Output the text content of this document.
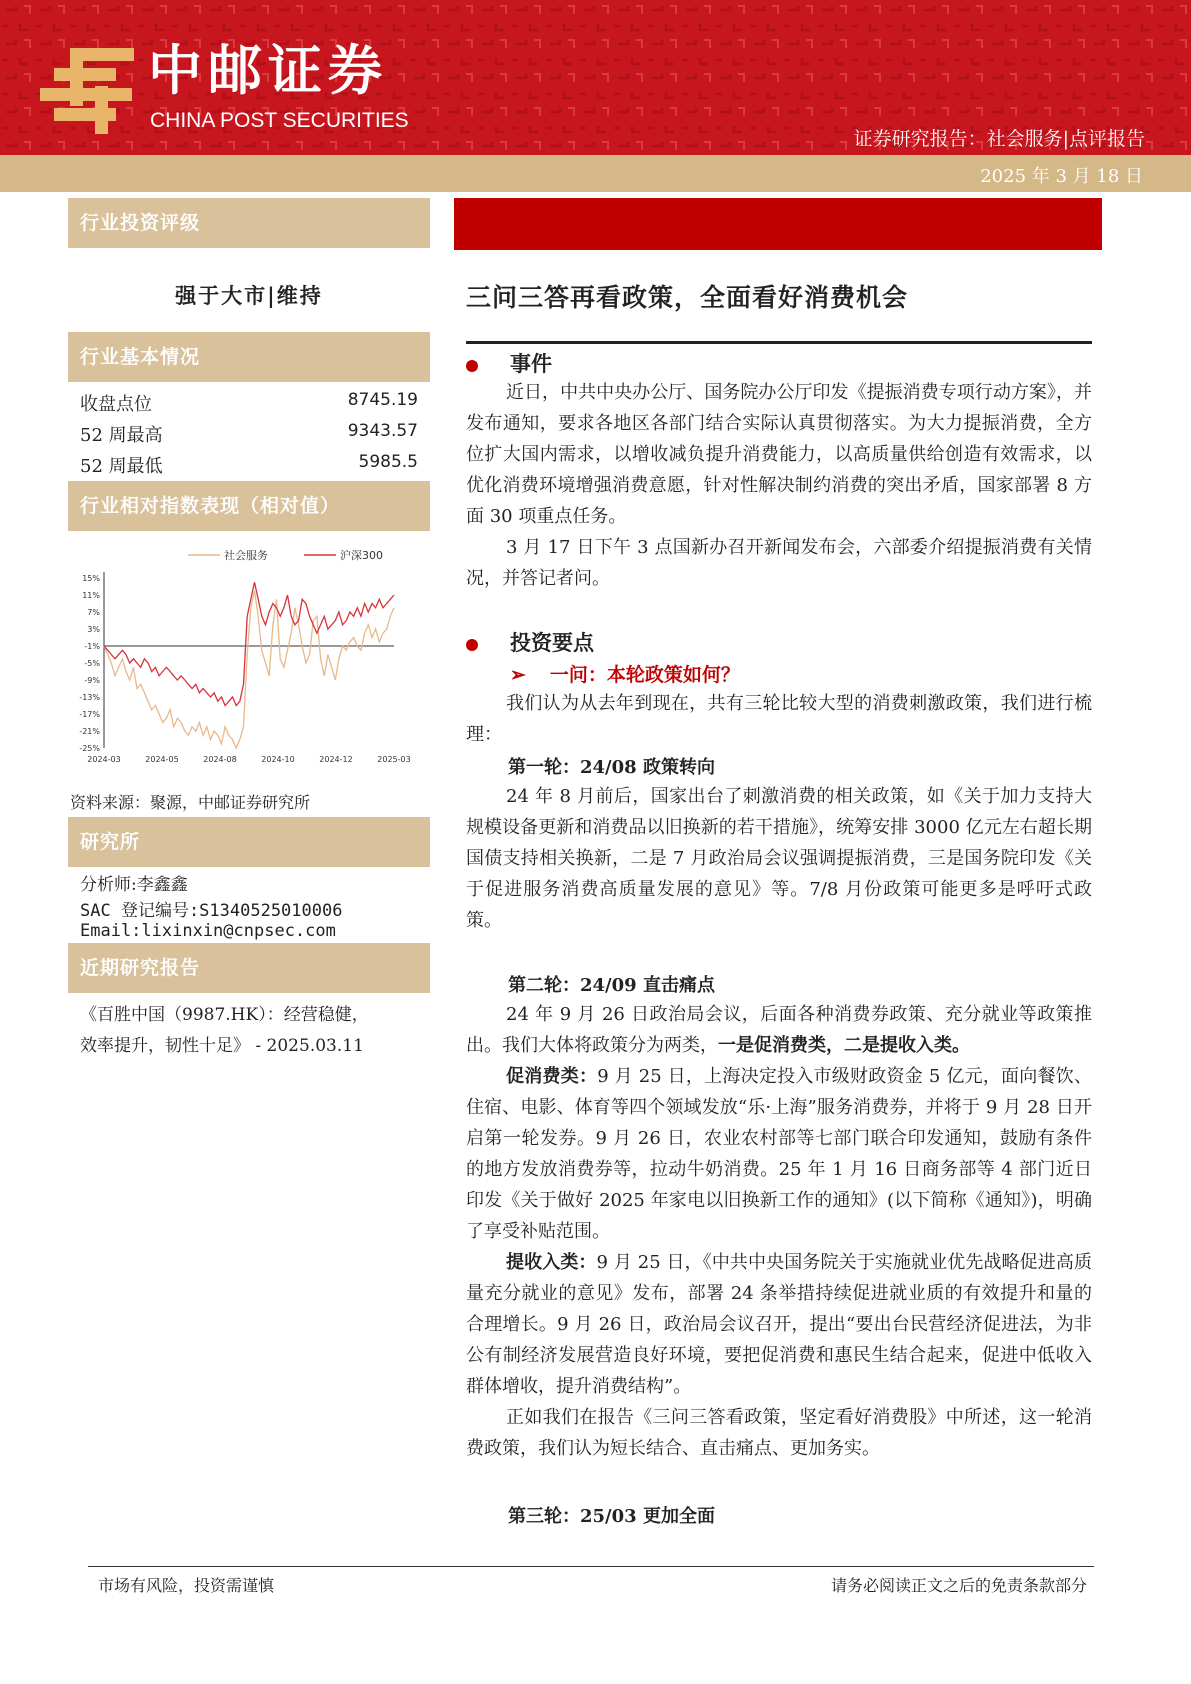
中邮证券
CHINA POST SECURITIES
证券研究报告：社会服务|点评报告
2025 年 3 月 18 日
行业投资评级
强于大市|维持
行业基本情况
收盘点位	8745.19
52 周最高	9343.57
52 周最低	5985.5
行业相对指数表现（相对值）
社会服务	沪深300
15%
11%
7%
3%
-1%
-5%
-9%
-13%
-17%
-21%
-25%
2024-03	2024-05	2024-08	2024-10	2024-12	2025-03
资料来源：聚源，中邮证券研究所
研究所
分析师:李鑫鑫
SAC 登记编号:S1340525010006
Email:lixinxin@cnpsec.com
近期研究报告
《百胜中国（9987.HK）：经营稳健，
效率提升，韧性十足》 - 2025.03.11
三问三答再看政策，全面看好消费机会
事件
近日，中共中央办公厅、国务院办公厅印发《提振消费专项行动方案》，并发布通知，要求各地区各部门结合实际认真贯彻落实。为大力提振消费，全方位扩大国内需求，以增收减负提升消费能力，以高质量供给创造有效需求，以优化消费环境增强消费意愿，针对性解决制约消费的突出矛盾，国家部署 8 方面 30 项重点任务。
3 月 17 日下午 3 点国新办召开新闻发布会，六部委介绍提振消费有关情况，并答记者问。
投资要点
➢ 一问：本轮政策如何？
我们认为从去年到现在，共有三轮比较大型的消费刺激政策，我们进行梳理：
第一轮：24/08 政策转向
24 年 8 月前后，国家出台了刺激消费的相关政策，如《关于加力支持大规模设备更新和消费品以旧换新的若干措施》，统筹安排 3000 亿元左右超长期国债支持相关换新，二是 7 月政治局会议强调提振消费，三是国务院印发《关于促进服务消费高质量发展的意见》等。7/8 月份政策可能更多是呼吁式政策。
第二轮：24/09 直击痛点
24 年 9 月 26 日政治局会议，后面各种消费券政策、充分就业等政策推出。我们大体将政策分为两类，一是促消费类，二是提收入类。
促消费类：9 月 25 日，上海决定投入市级财政资金 5 亿元，面向餐饮、住宿、电影、体育等四个领域发放“乐·上海”服务消费券，并将于 9 月 28 日开启第一轮发券。9 月 26 日，农业农村部等七部门联合印发通知，鼓励有条件的地方发放消费券等，拉动牛奶消费。25 年 1 月 16 日商务部等 4 部门近日印发《关于做好 2025 年家电以旧换新工作的通知》(以下简称《通知》)，明确了享受补贴范围。
提收入类：9 月 25 日，《中共中央国务院关于实施就业优先战略促进高质量充分就业的意见》发布，部署 24 条举措持续促进就业质的有效提升和量的合理增长。9 月 26 日，政治局会议召开，提出“要出台民营经济促进法，为非公有制经济发展营造良好环境，要把促消费和惠民生结合起来，促进中低收入群体增收，提升消费结构”。
正如我们在报告《三问三答看政策，坚定看好消费股》中所述，这一轮消费政策，我们认为短长结合、直击痛点、更加务实。
第三轮：25/03 更加全面
市场有风险，投资需谨慎	请务必阅读正文之后的免责条款部分
